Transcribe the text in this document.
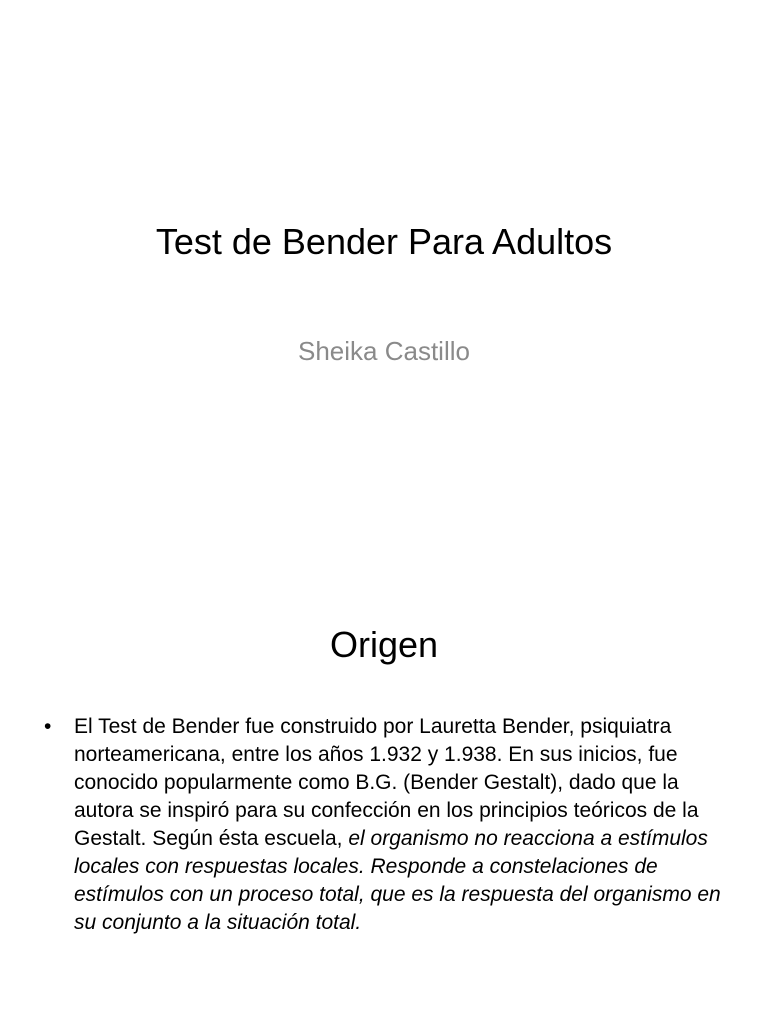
Test de Bender Para Adultos
Sheika Castillo
Origen
• El Test de Bender fue construido por Lauretta Bender, psiquiatra norteamericana, entre los años 1.932 y 1.938. En sus inicios, fue conocido popularmente como B.G. (Bender Gestalt), dado que la autora se inspiró para su confección en los principios teóricos de la Gestalt. Según ésta escuela, el organismo no reacciona a estímulos locales con respuestas locales. Responde a constelaciones de estímulos con un proceso total, que es la respuesta del organismo en su conjunto a la situación total.
